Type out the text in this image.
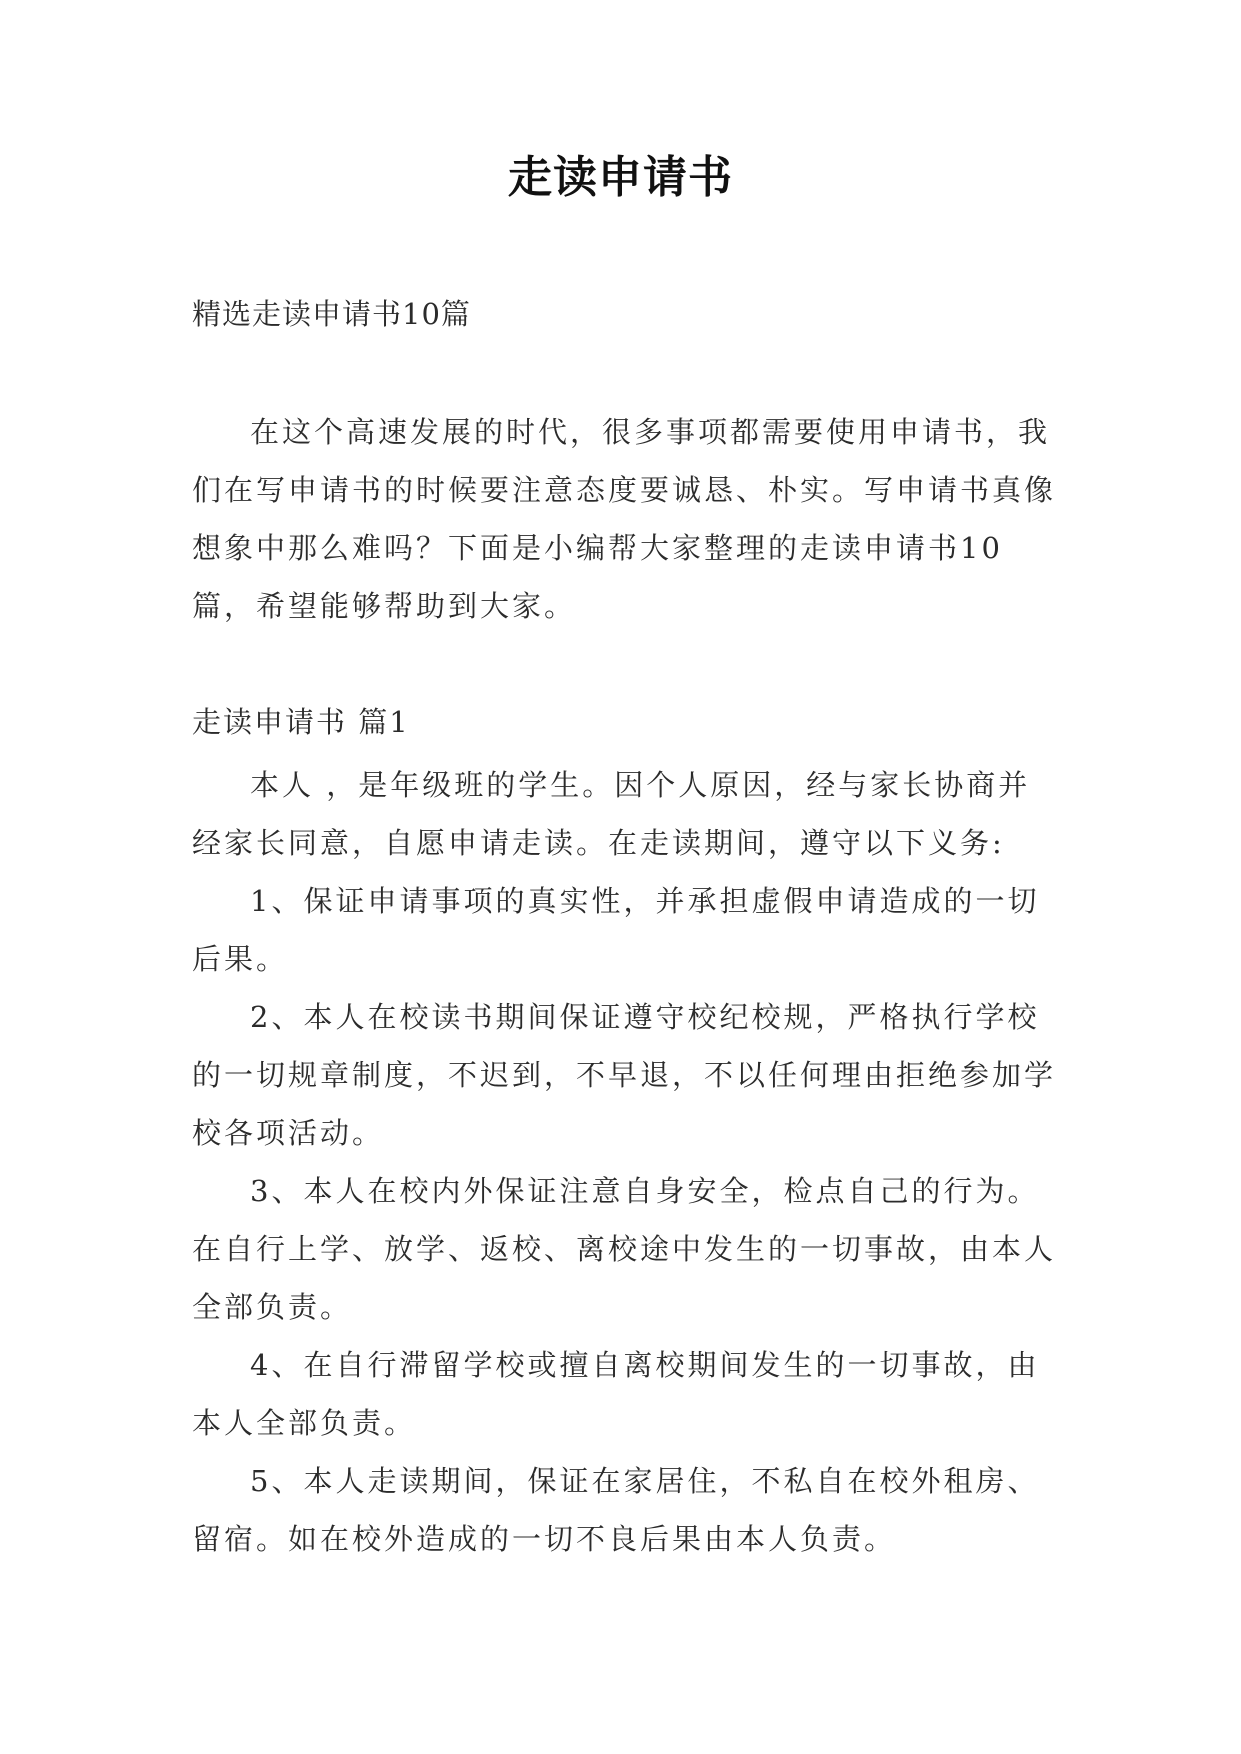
走读申请书
精选走读申请书10篇

在这个高速发展的时代，很多事项都需要使用申请书，我们在写申请书的时候要注意态度要诚恳、朴实。写申请书真像想象中那么难吗？下面是小编帮大家整理的走读申请书10篇，希望能够帮助到大家。

走读申请书 篇1

本人 ，是年级班的学生。因个人原因，经与家长协商并经家长同意，自愿申请走读。在走读期间，遵守以下义务:

1、保证申请事项的真实性，并承担虚假申请造成的一切后果。

2、本人在校读书期间保证遵守校纪校规，严格执行学校的一切规章制度，不迟到，不早退，不以任何理由拒绝参加学校各项活动。

3、本人在校内外保证注意自身安全，检点自己的行为。在自行上学、放学、返校、离校途中发生的一切事故，由本人全部负责。

4、在自行滞留学校或擅自离校期间发生的一切事故，由本人全部负责。

5、本人走读期间，保证在家居住，不私自在校外租房、留宿。如在校外造成的一切不良后果由本人负责。
